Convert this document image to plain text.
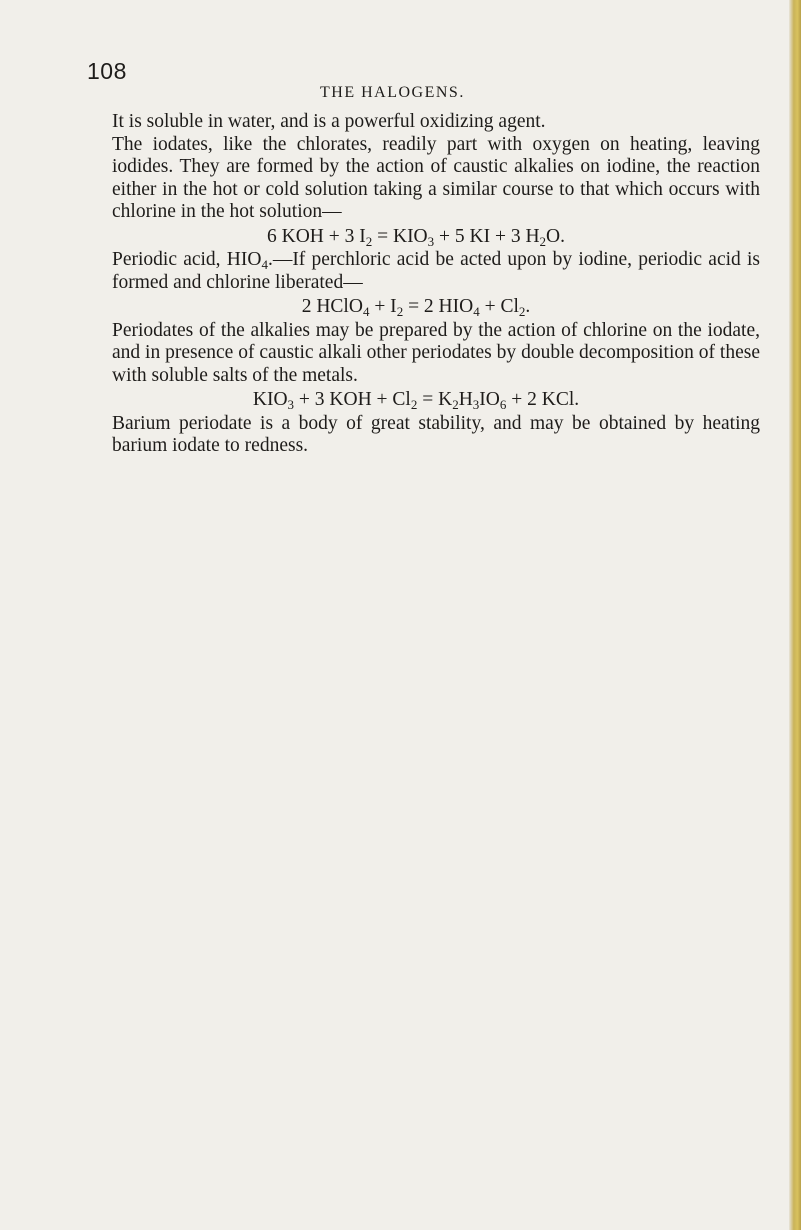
108
THE HALOGENS.

It is soluble in water, and is a powerful oxidizing agent.

The iodates, like the chlorates, readily part with oxygen on heating, leaving iodides. They are formed by the action of caustic alkalies on iodine, the reaction either in the hot or cold solution taking a similar course to that which occurs with chlorine in the hot solution—

6 KOH + 3 $I_2 = KIO_3 + 5$ KI + 3 $H_2O$.

Periodic acid, $HIO_4.—If$ perchloric acid be acted upon by iodine, periodic acid is formed and chlorine liberated—

2 HClO$_4$ + $I_2 = 2$ $HIO_4 + Cl_2$.

Periodates of the alkalies may be prepared by the action of chlorine on the iodate, and in presence of caustic alkali other periodates by double decomposition of these with soluble salts of the metals.

$KIO_3 + 3$ KOH + $Cl_2 = K_2H_3IO_6 + 2$ KCl.

Barium periodate is a body of great stability, and may be obtained by heating barium iodate to redness.
